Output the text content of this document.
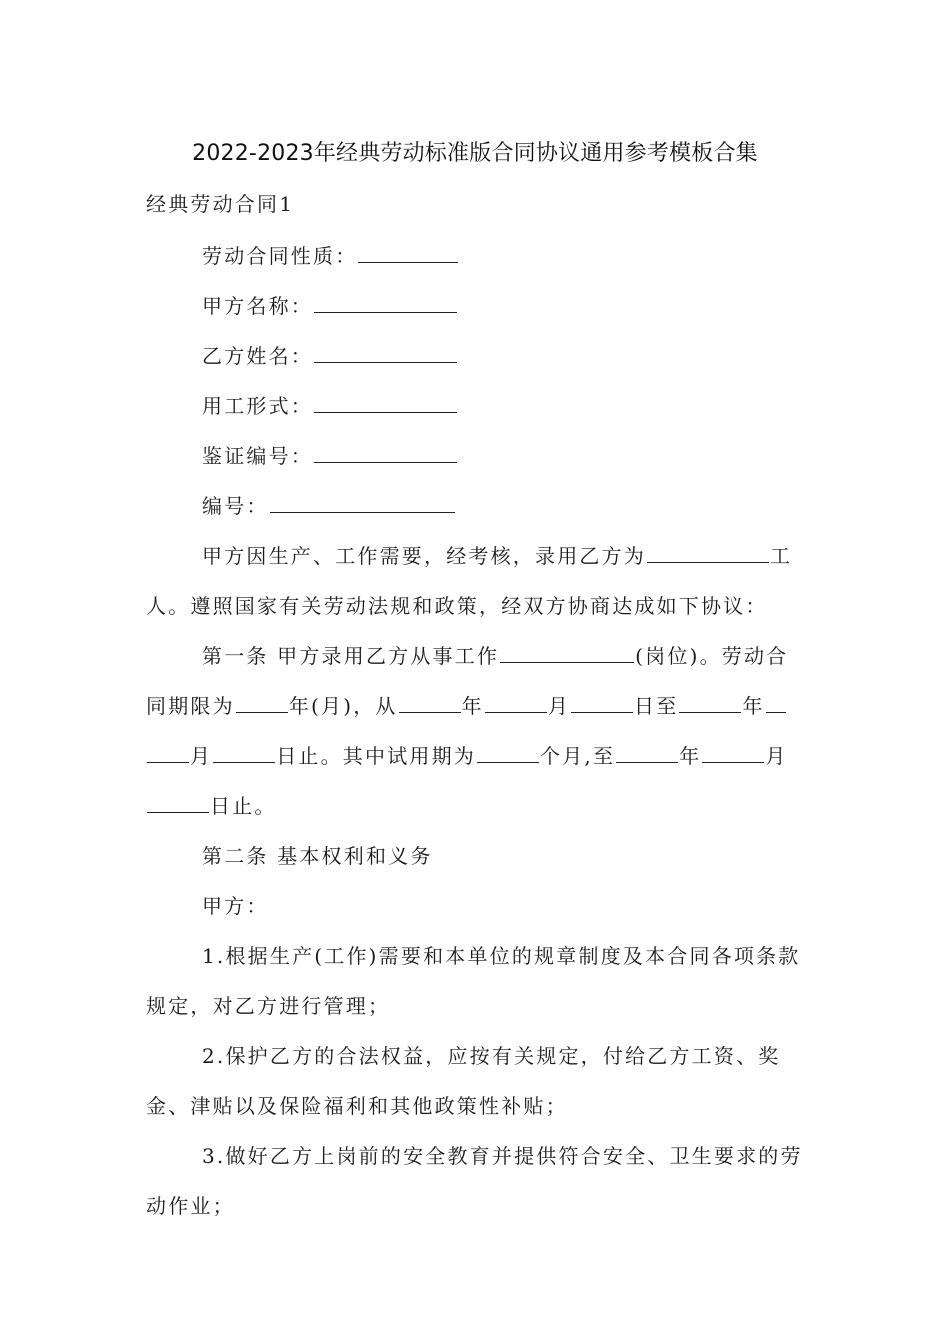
2022-2023年经典劳动标准版合同协议通用参考模板合集
经典劳动合同1
劳动合同性质：
甲方名称：
乙方姓名：
用工形式：
鉴证编号：
编号：
甲方因生产、工作需要，经考核，录用乙方为	工
人。遵照国家有关劳动法规和政策，经双方协商达成如下协议：
第一条 甲方录用乙方从事工作	(岗位)。劳动合
同期限为	年(月)，从	年	月	日至	年
月	日止。其中试用期为	个月,至	年	月
日止。
第二条 基本权利和义务
甲方：
1.根据生产(工作)需要和本单位的规章制度及本合同各项条款
规定，对乙方进行管理；
2.保护乙方的合法权益，应按有关规定，付给乙方工资、奖
金、津贴以及保险福利和其他政策性补贴；
3.做好乙方上岗前的安全教育并提供符合安全、卫生要求的劳
动作业；
